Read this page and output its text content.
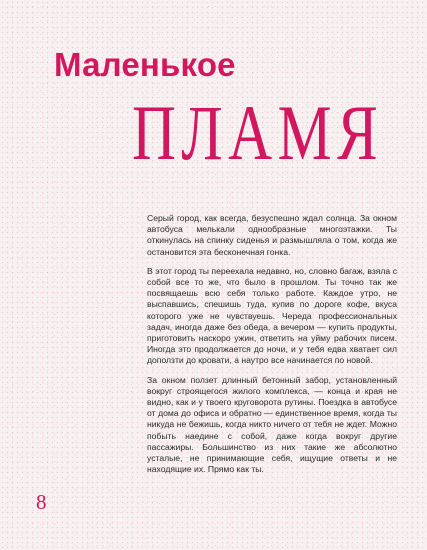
Маленькое
ПЛАМЯ

Серый город, как всегда, безуспешно ждал солнца. За окном автобуса мелькали однообразные многоэтажки. Ты откинулась на спинку сиденья и размышляла о том, когда же остановится эта бесконечная гонка.

В этот город ты переехала недавно, но, словно багаж, взяла с собой все то же, что было в прошлом. Ты точно так же посвящаешь всю себя только работе. Каждое утро, не выспавшись, спешишь туда, купив по дороге кофе, вкуса которого уже не чувствуешь. Череда профессиональных задач, иногда даже без обеда, а вечером — купить продукты, приготовить наскоро ужин, ответить на уйму рабочих писем. Иногда это продолжается до ночи, и у тебя едва хватает сил доползти до кровати, а наутро все начинается по новой.

За окном ползет длинный бетонный забор, установленный вокруг строящегося жилого комплекса, — конца и края не видно, как и у твоего круговорота рутины. Поездка в автобусе от дома до офиса и обратно — единственное время, когда ты никуда не бежишь, когда никто ничего от тебя не ждет. Можно побыть наедине с собой, даже когда вокруг другие пассажиры. Большинство из них такие же абсолютно усталые, не принимающие себя, ищущие ответы и не находящие их. Прямо как ты.

8
